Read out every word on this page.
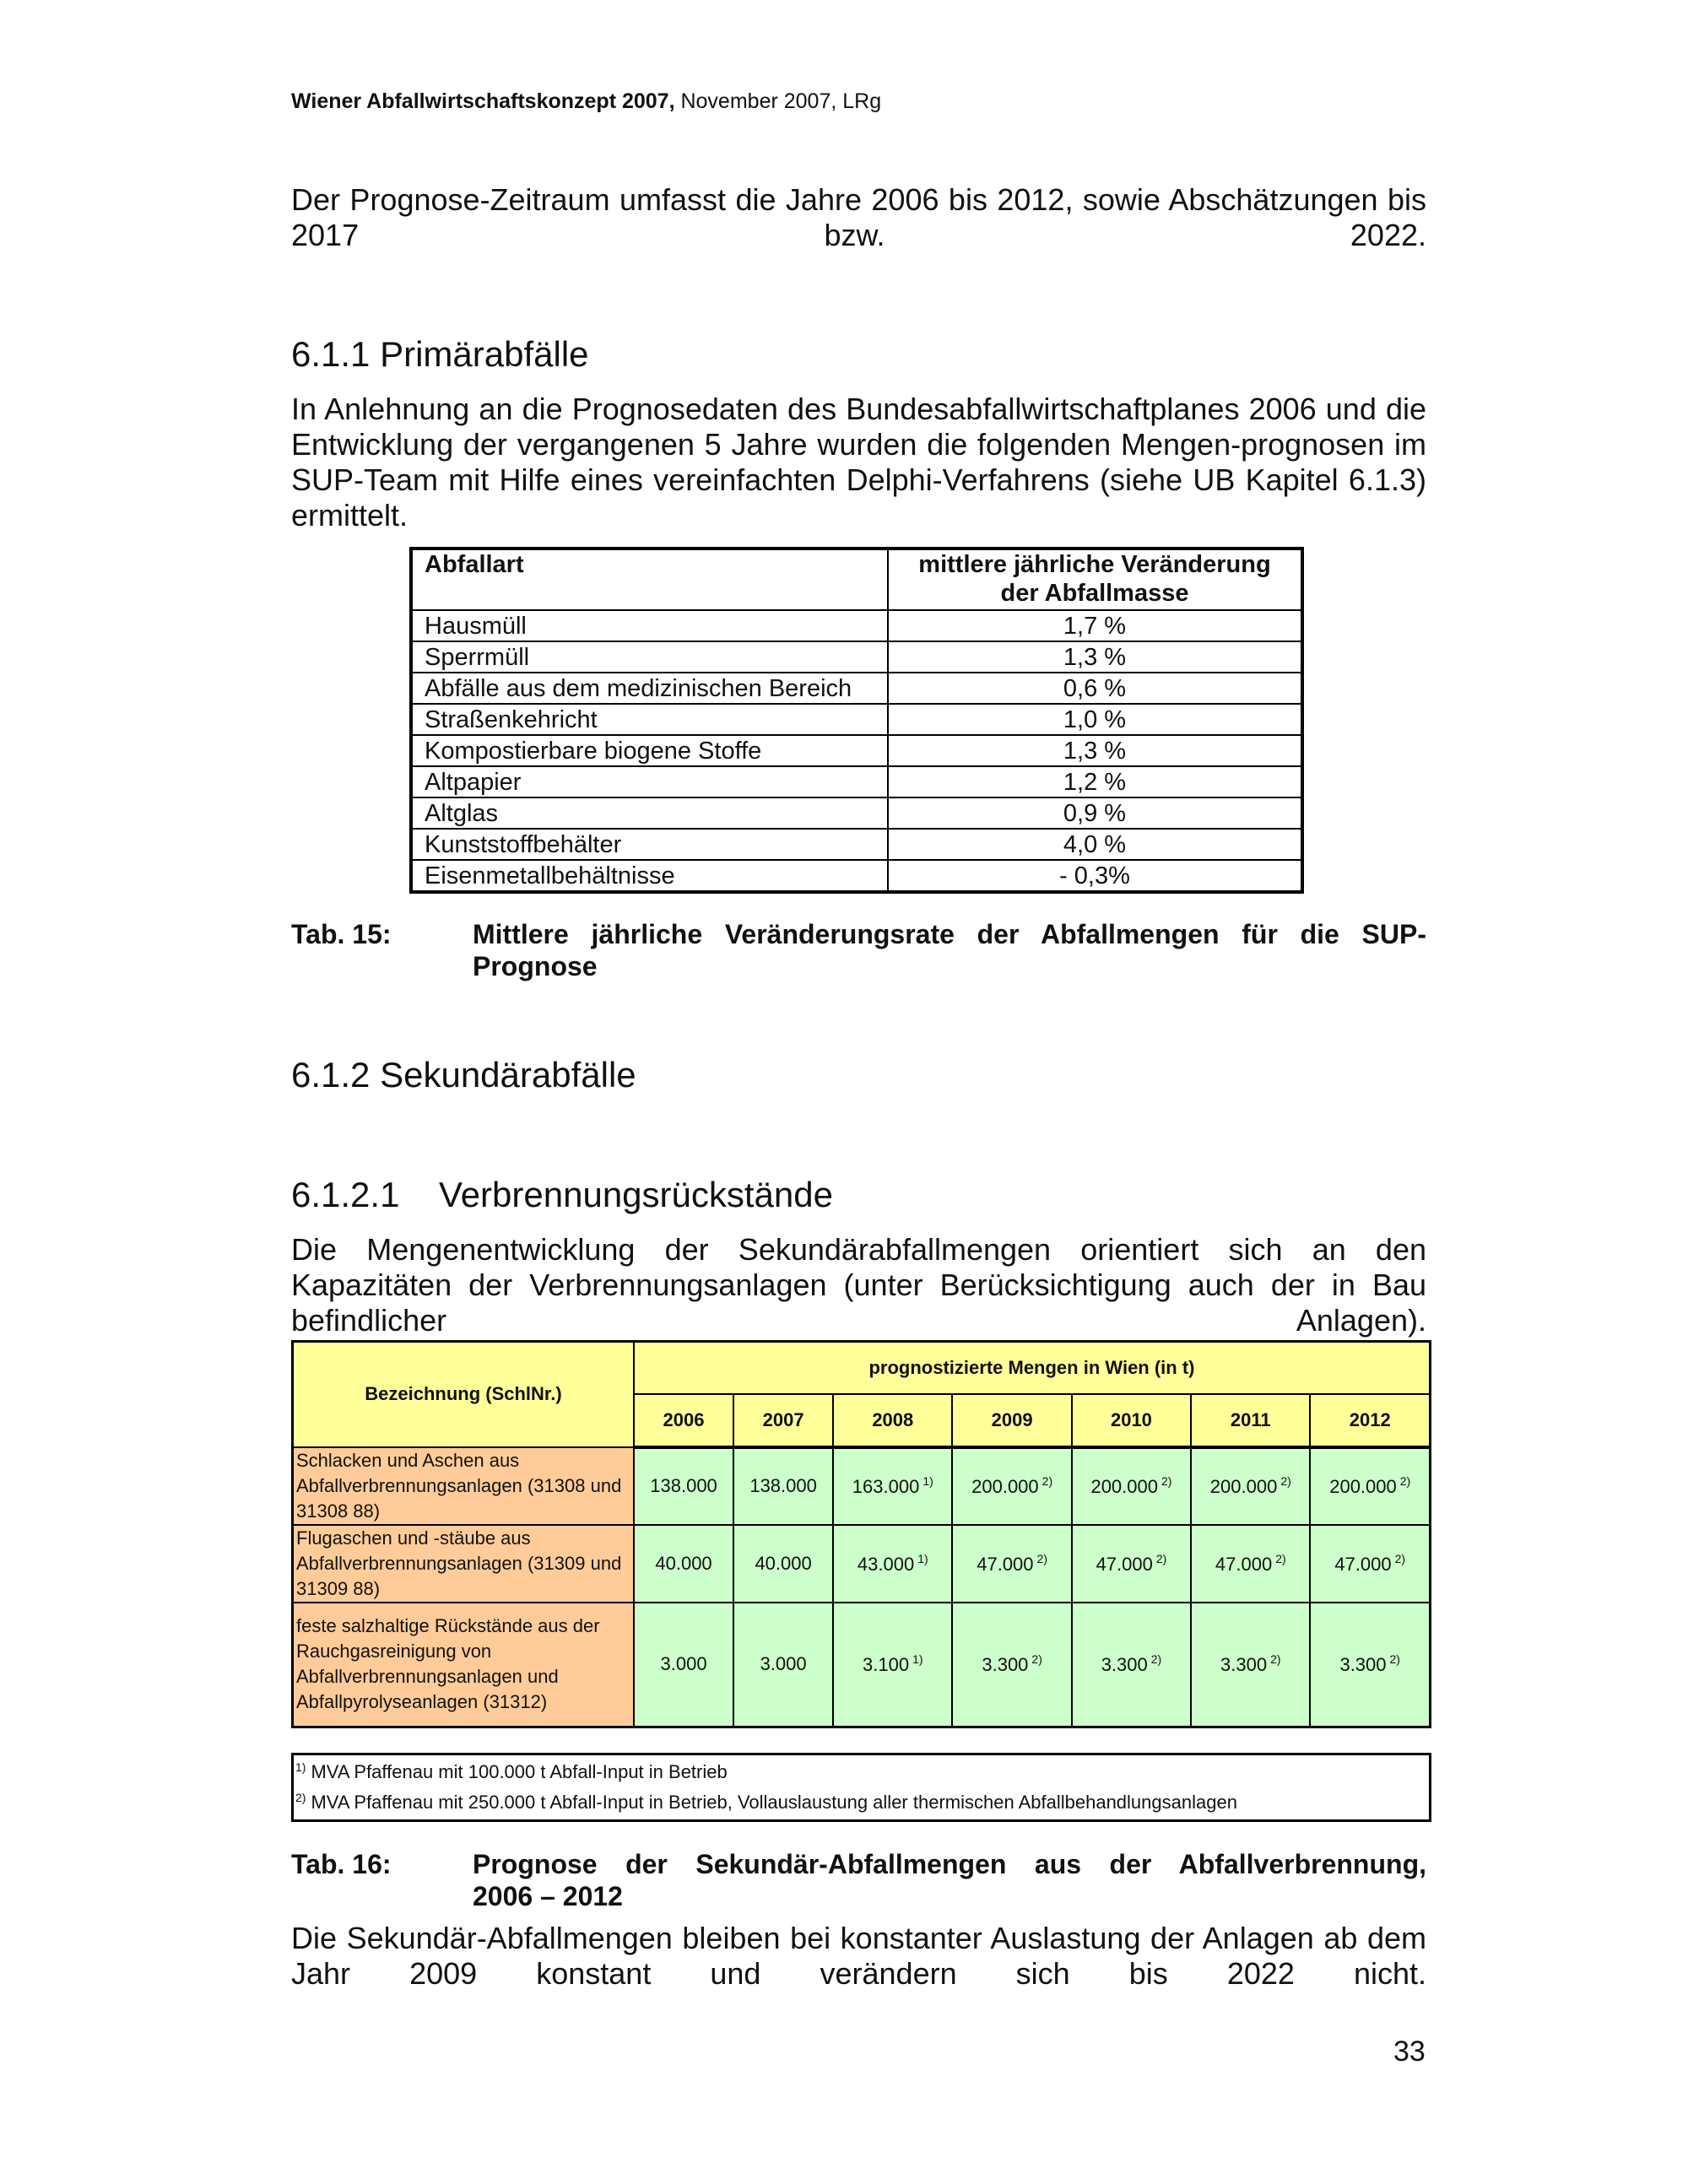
Wiener Abfallwirtschaftskonzept 2007, November 2007, LRg
Der Prognose-Zeitraum umfasst die Jahre 2006 bis 2012, sowie Abschätzungen bis 2017 bzw. 2022.
6.1.1 Primärabfälle
In Anlehnung an die Prognosedaten des Bundesabfallwirtschaftplanes 2006 und die Entwicklung der vergangenen 5 Jahre wurden die folgenden Mengen-prognosen im SUP-Team mit Hilfe eines vereinfachten Delphi-Verfahrens (siehe UB Kapitel 6.1.3) ermittelt.
Abfallart	mittlere jährliche Veränderung der Abfallmasse
Hausmüll	1,7 %
Sperrmüll	1,3 %
Abfälle aus dem medizinischen Bereich	0,6 %
Straßenkehricht	1,0 %
Kompostierbare biogene Stoffe	1,3 %
Altpapier	1,2 %
Altglas	0,9 %
Kunststoffbehälter	4,0 %
Eisenmetallbehältnisse	- 0,3%
Tab. 15:	Mittlere jährliche Veränderungsrate der Abfallmengen für die SUP-
Prognose
6.1.2 Sekundärabfälle
6.1.2.1 Verbrennungsrückstände
Die Mengenentwicklung der Sekundärabfallmengen orientiert sich an den Kapazitäten der Verbrennungsanlagen (unter Berücksichtigung auch der in Bau befindlicher Anlagen).
Bezeichnung (SchlNr.)	prognostizierte Mengen in Wien (in t)						
	2006	2007	2008	2009	2010	2011	2012
Schlacken und Aschen aus Abfallverbrennungsanlagen (31308 und 31308 88)	138.000	138.000	163.000 $^{1)}$	200.000 $^{2)}$	200.000 $^{2)}$	200.000 $^{2)}$	200.000 $^{2)}$
Flugaschen und -stäube aus Abfallverbrennungsanlagen (31309 und 31309 88)	40.000	40.000	43.000 $^{1)}$	47.000 $^{2)}$	47.000 $^{2)}$	47.000 $^{2)}$	47.000 $^{2)}$
feste salzhaltige Rückstände aus der Rauchgasreinigung von Abfallverbrennungsanlagen und Abfallpyrolyseanlagen (31312)	3.000	3.000	3.100 $^{1)}$	3.300 $^{2)}$	3.300 $^{2)}$	3.300 $^{2)}$	3.300 $^{2)}$
$^{1)}$ MVA Pfaffenau mit 100.000 t Abfall-Input in Betrieb
$^{2)}$ MVA Pfaffenau mit 250.000 t Abfall-Input in Betrieb, Vollauslaustung aller thermischen Abfallbehandlungsanlagen
Tab. 16:	Prognose der Sekundär-Abfallmengen aus der Abfallverbrennung,
2006 – 2012
Die Sekundär-Abfallmengen bleiben bei konstanter Auslastung der Anlagen ab dem Jahr 2009 konstant und verändern sich bis 2022 nicht.
33
